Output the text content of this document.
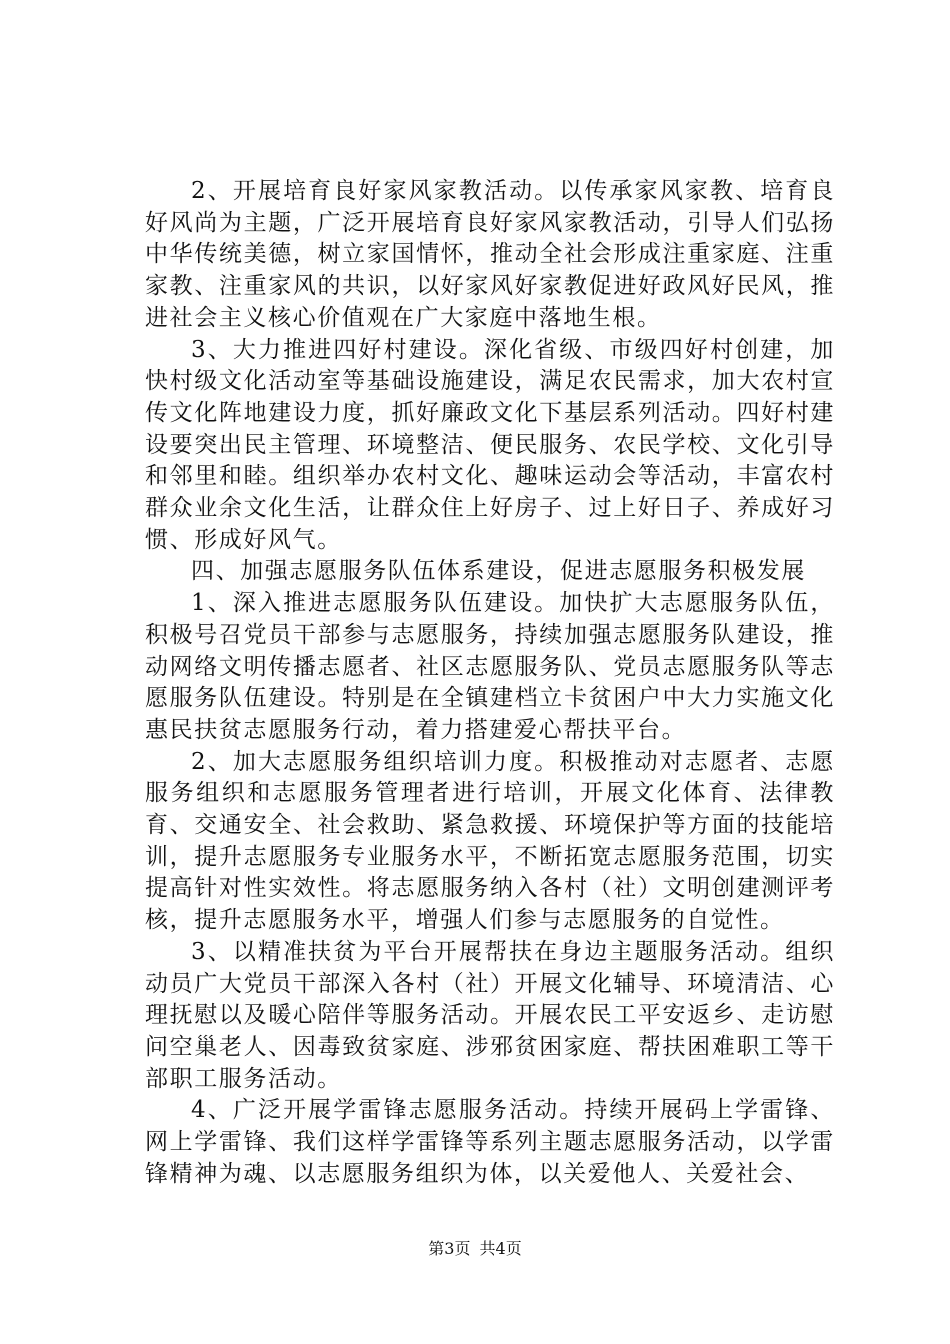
2、开展培育良好家风家教活动。以传承家风家教、培育良好风尚为主题，广泛开展培育良好家风家教活动，引导人们弘扬中华传统美德，树立家国情怀，推动全社会形成注重家庭、注重家教、注重家风的共识，以好家风好家教促进好政风好民风，推进社会主义核心价值观在广大家庭中落地生根。

3、大力推进四好村建设。深化省级、市级四好村创建，加快村级文化活动室等基础设施建设，满足农民需求，加大农村宣传文化阵地建设力度，抓好廉政文化下基层系列活动。四好村建设要突出民主管理、环境整洁、便民服务、农民学校、文化引导和邻里和睦。组织举办农村文化、趣味运动会等活动，丰富农村群众业余文化生活，让群众住上好房子、过上好日子、养成好习惯、形成好风气。

四、加强志愿服务队伍体系建设，促进志愿服务积极发展

1、深入推进志愿服务队伍建设。加快扩大志愿服务队伍，积极号召党员干部参与志愿服务，持续加强志愿服务队建设，推动网络文明传播志愿者、社区志愿服务队、党员志愿服务队等志愿服务队伍建设。特别是在全镇建档立卡贫困户中大力实施文化惠民扶贫志愿服务行动，着力搭建爱心帮扶平台。

2、加大志愿服务组织培训力度。积极推动对志愿者、志愿服务组织和志愿服务管理者进行培训，开展文化体育、法律教育、交通安全、社会救助、紧急救援、环境保护等方面的技能培训，提升志愿服务专业服务水平，不断拓宽志愿服务范围，切实提高针对性实效性。将志愿服务纳入各村（社）文明创建测评考核，提升志愿服务水平，增强人们参与志愿服务的自觉性。

3、以精准扶贫为平台开展帮扶在身边主题服务活动。组织动员广大党员干部深入各村（社）开展文化辅导、环境清洁、心理抚慰以及暖心陪伴等服务活动。开展农民工平安返乡、走访慰问空巢老人、因毒致贫家庭、涉邪贫困家庭、帮扶困难职工等干部职工服务活动。

4、广泛开展学雷锋志愿服务活动。持续开展码上学雷锋、网上学雷锋、我们这样学雷锋等系列主题志愿服务活动，以学雷锋精神为魂、以志愿服务组织为体，以关爱他人、关爱社会、

第3页 共4页
